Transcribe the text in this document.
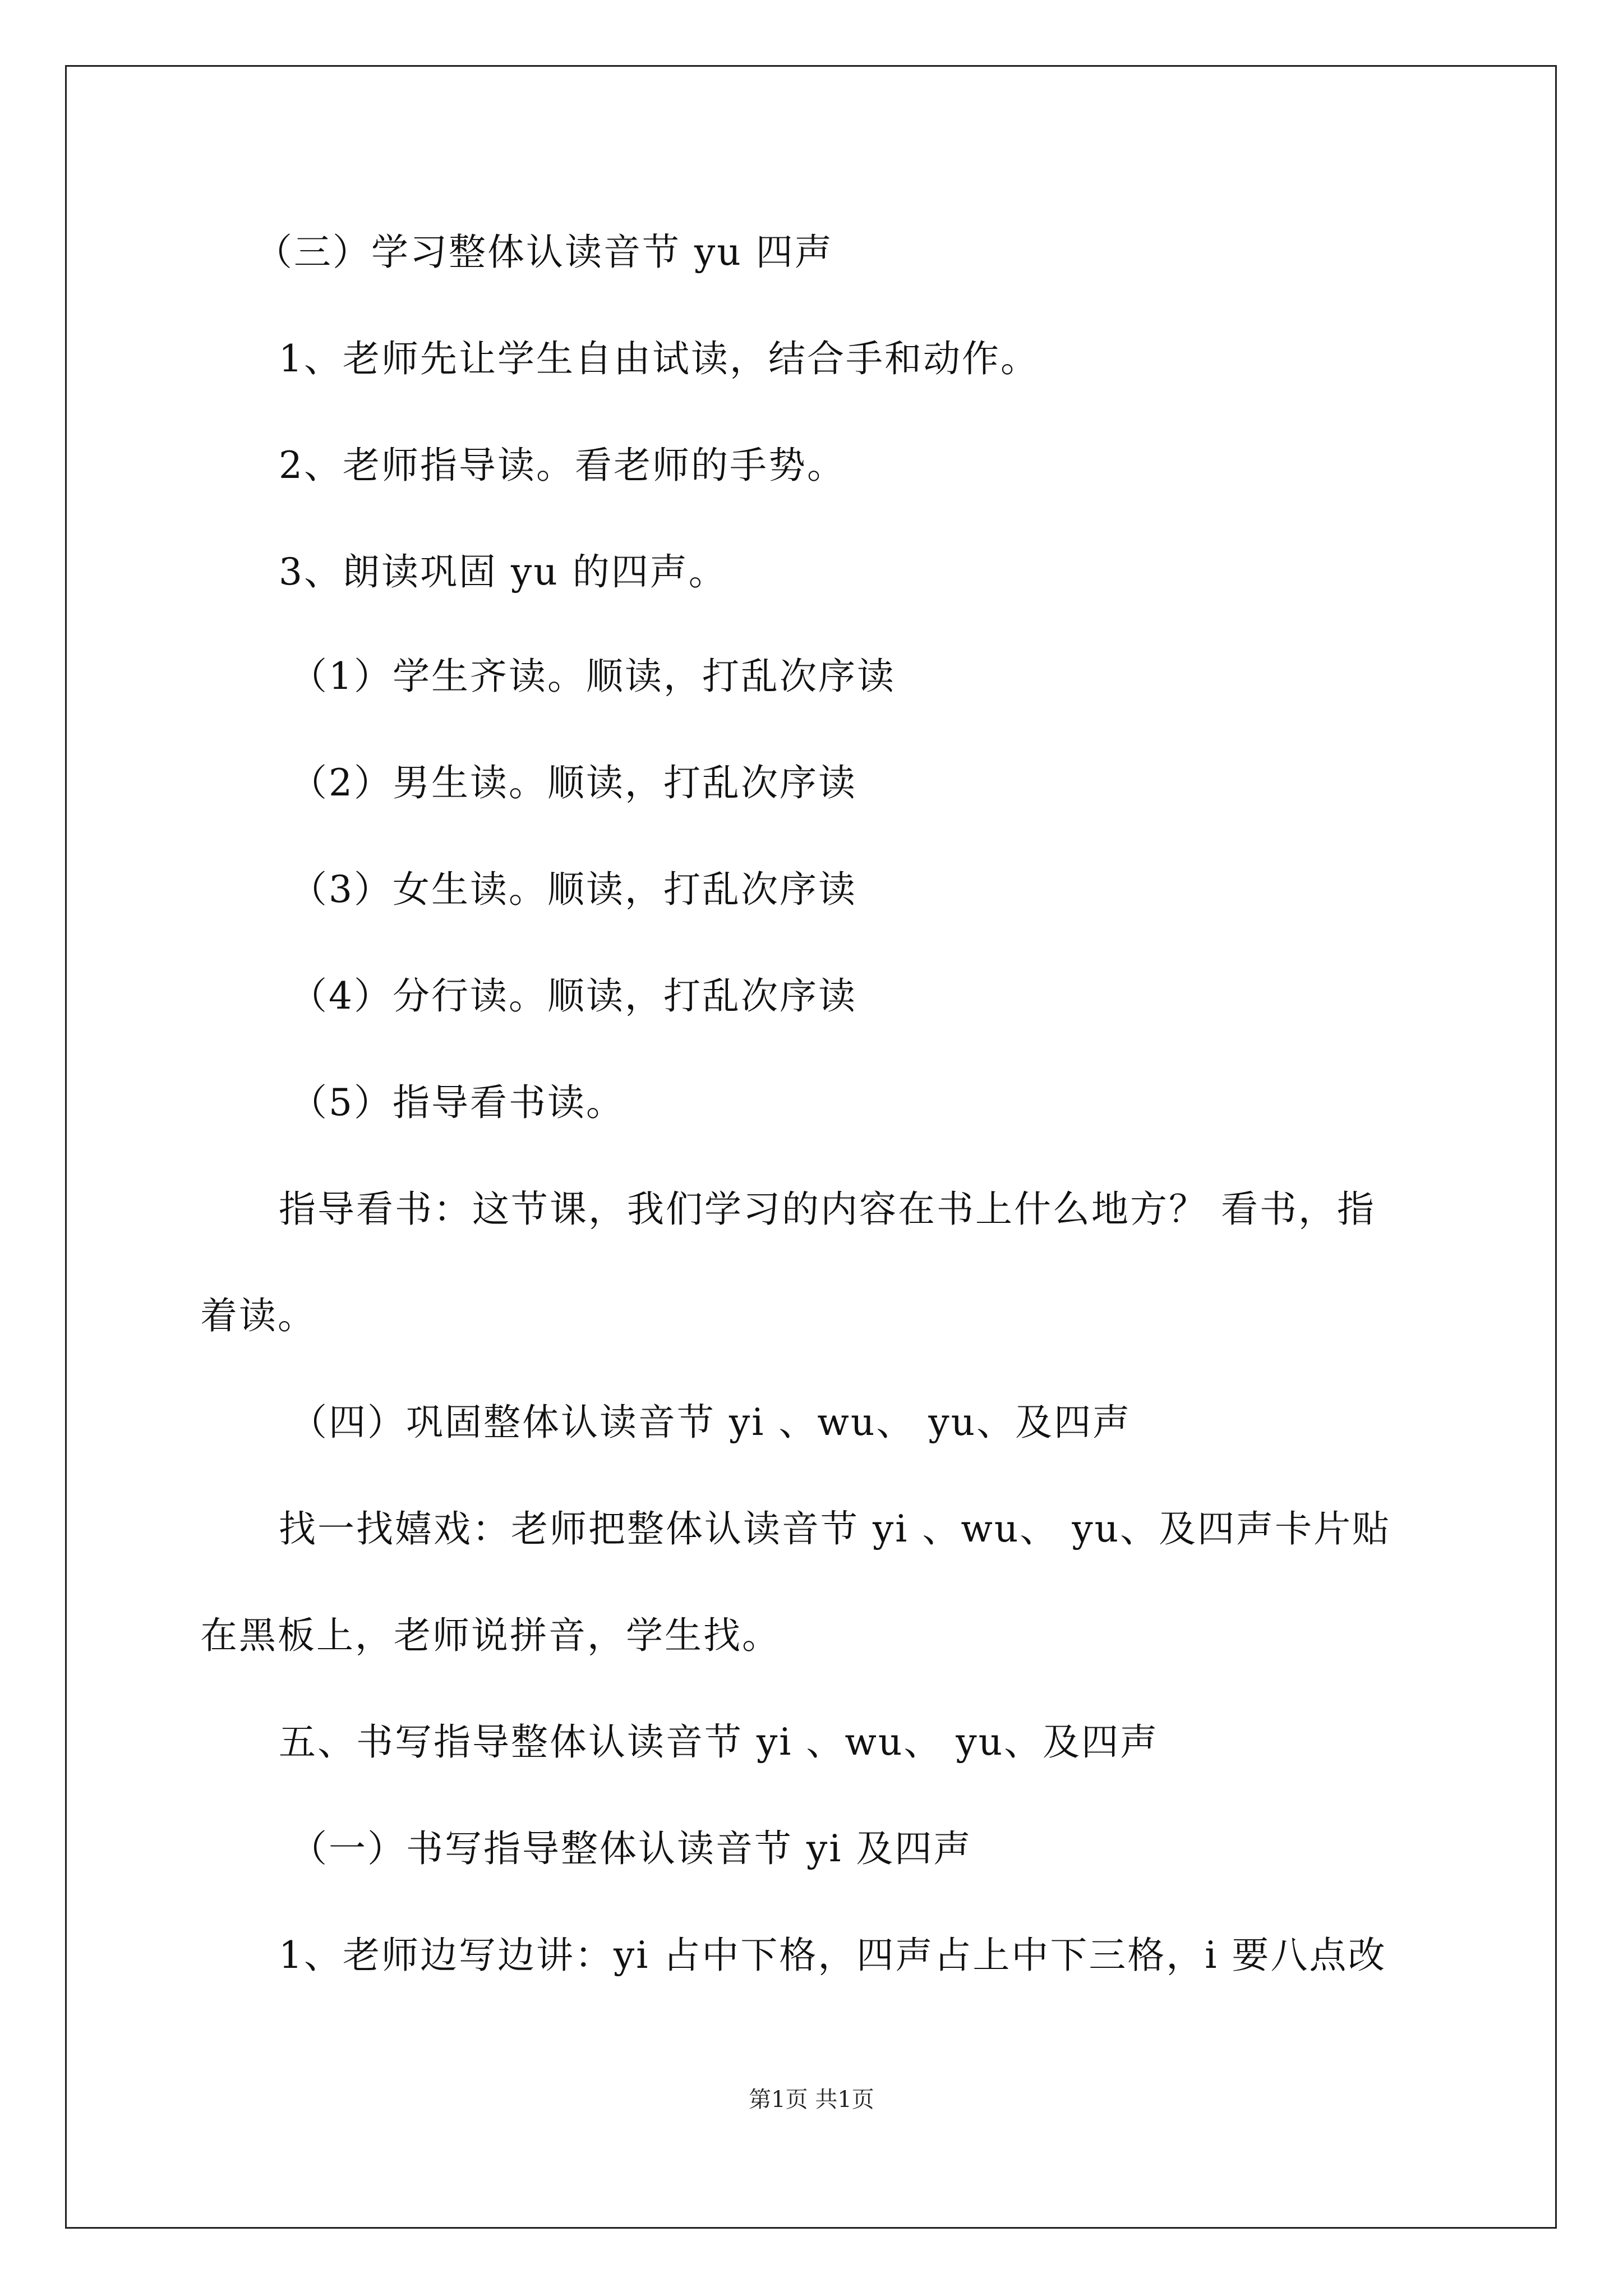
（三）学习整体认读音节 yu 四声
1、老师先让学生自由试读，结合手和动作。
2、老师指导读。看老师的手势。
3、朗读巩固 yu 的四声。
（1）学生齐读。顺读，打乱次序读
（2）男生读。顺读，打乱次序读
（3）女生读。顺读，打乱次序读
（4）分行读。顺读，打乱次序读
（5）指导看书读。
指导看书：这节课，我们学习的内容在书上什么地方？ 看书，指
着读。
（四）巩固整体认读音节 yi 、wu、 yu、及四声
找一找嬉戏：老师把整体认读音节 yi 、wu、 yu、及四声卡片贴
在黑板上，老师说拼音，学生找。
五、书写指导整体认读音节 yi 、wu、 yu、及四声
（一）书写指导整体认读音节 yi 及四声
1、老师边写边讲：yi 占中下格，四声占上中下三格，i 要八点改
第1页 共1页
